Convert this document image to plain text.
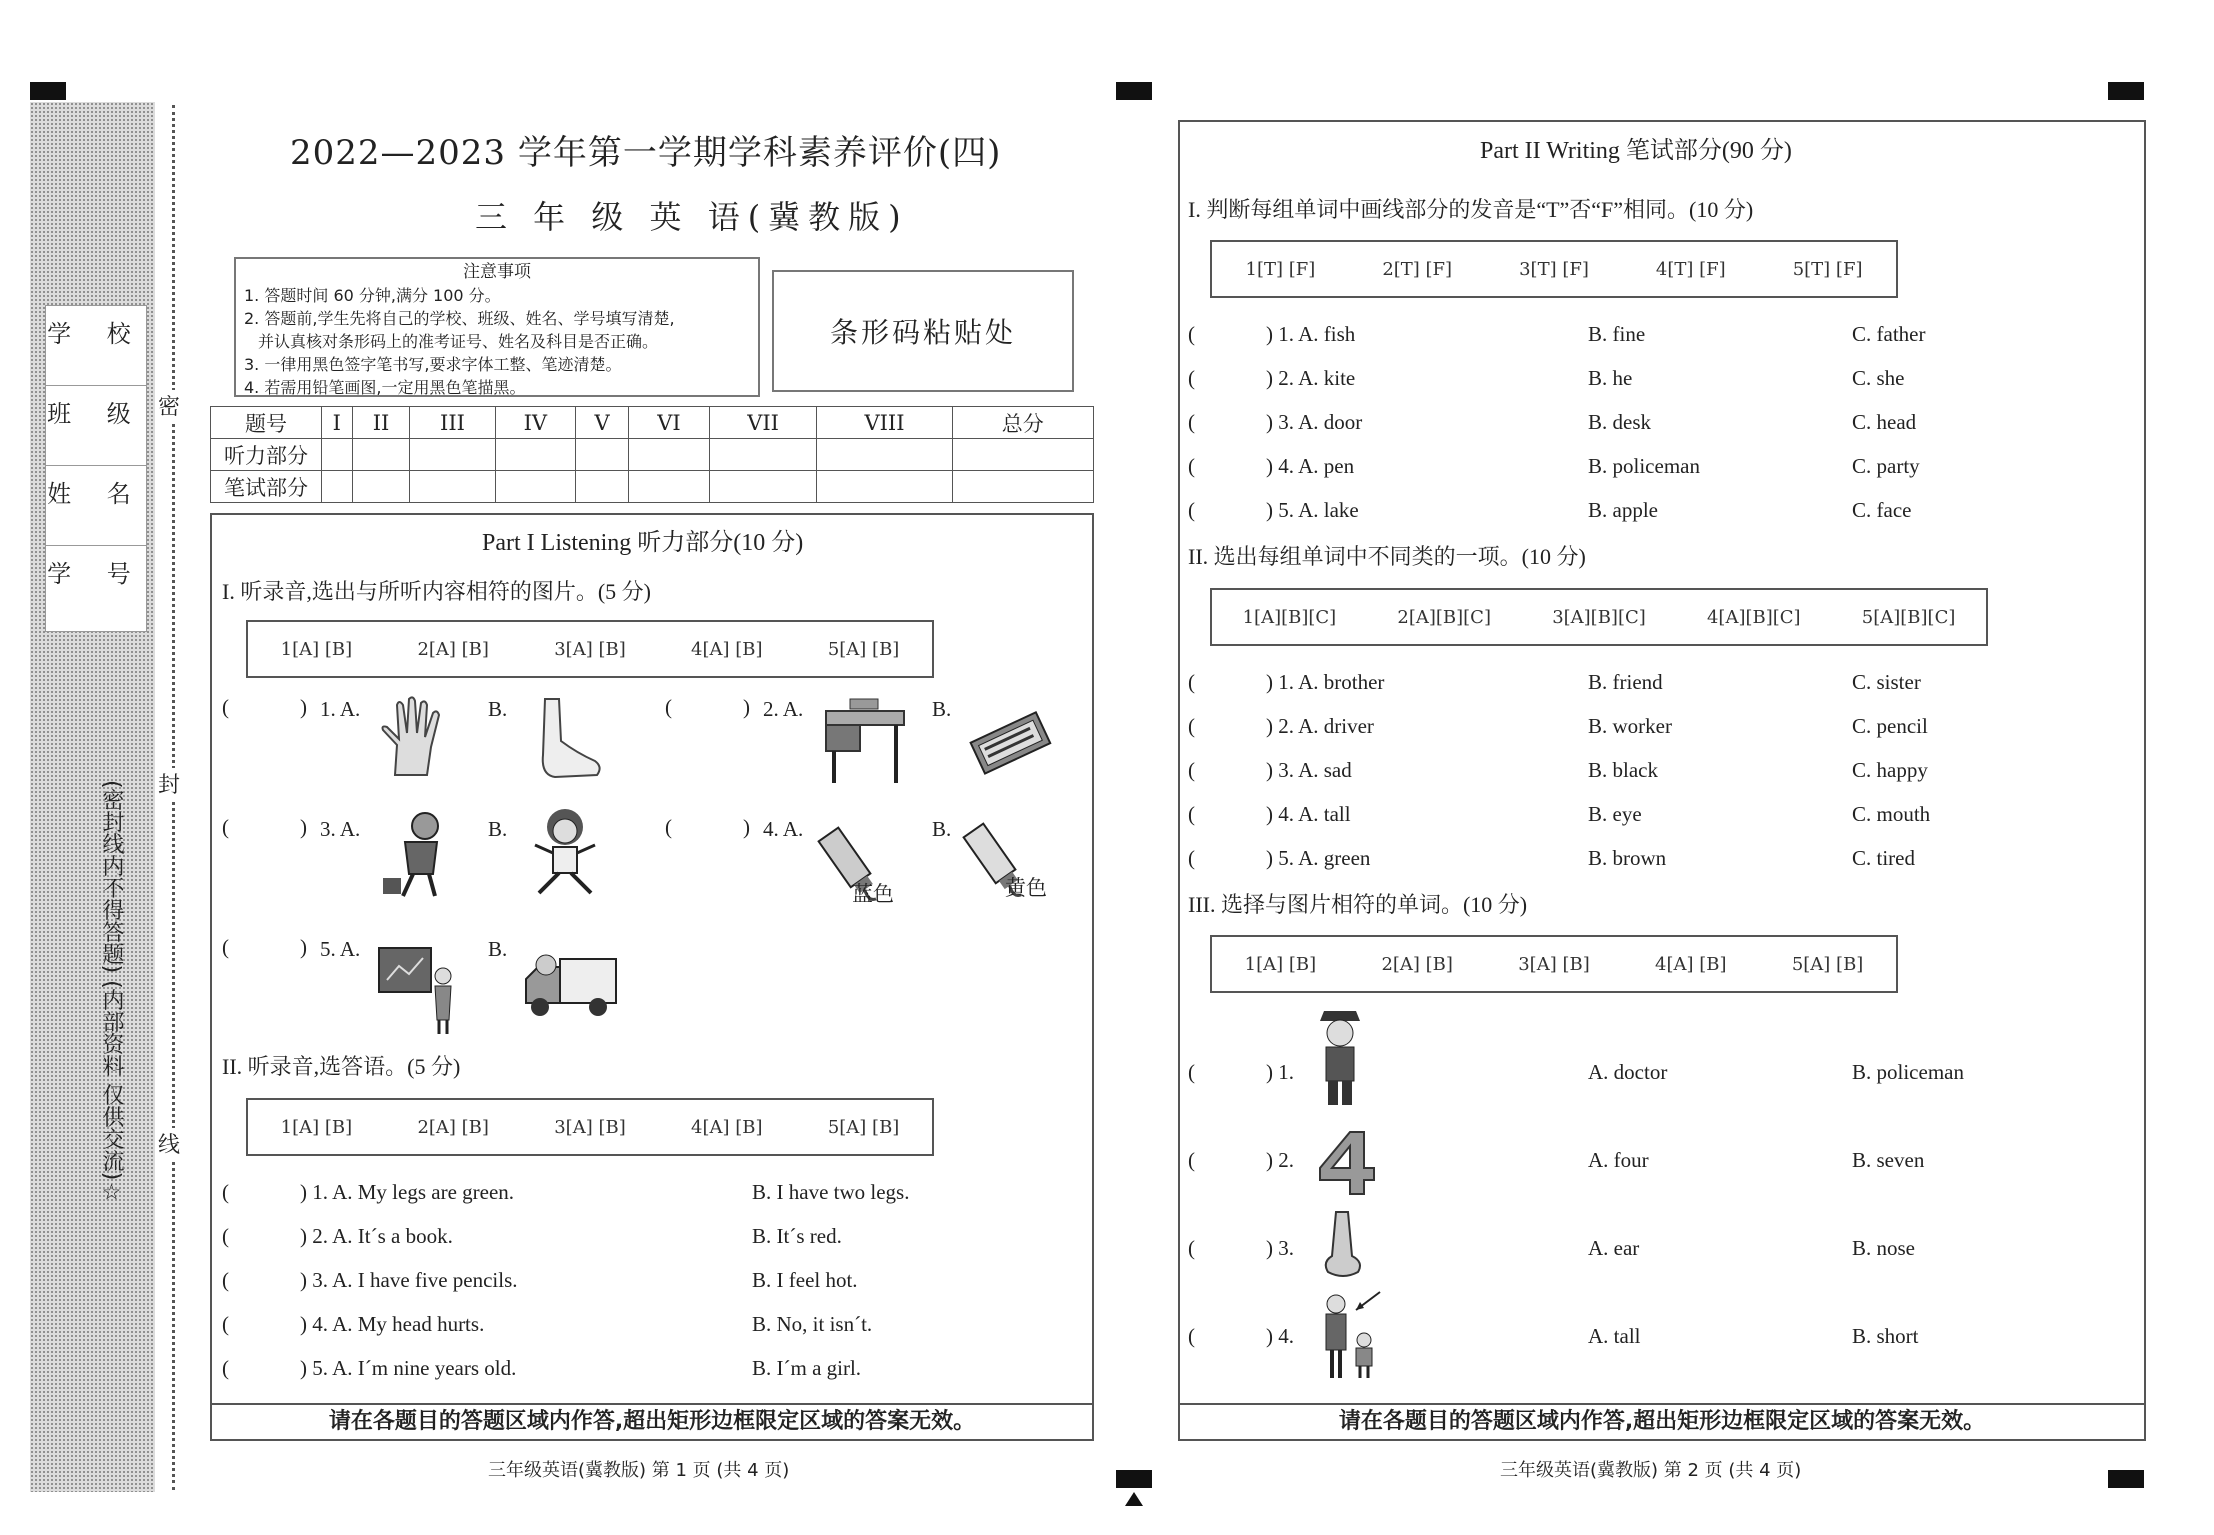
学 校
班 级
姓 名
学 号
(密封线内不得答题) (内部资料 仅供交流)☆
密
封
线
2022—2023 学年第一学期学科素养评价(四)
三 年 级 英 语(冀教版)
注意事项
1. 答题时间 60 分钟,满分 100 分。
2. 答题前,学生先将自己的学校、班级、姓名、学号填写清楚,
并认真核对条形码上的准考证号、姓名及科目是否正确。
3. 一律用黑色签字笔书写,要求字体工整、笔迹清楚。
4. 若需用铅笔画图,一定用黑色笔描黑。
条形码粘贴处
题号	I	II	III	IV	V	VI	VII	VIII	总分
听力部分									
笔试部分									
Part I Listening 听力部分(10 分)
I. 听录音,选出与所听内容相符的图片。(5 分)
1[A] [B]	2[A] [B]	3[A] [B]	4[A] [B]	5[A] [B]
(	) 1. A.	B.	(	) 2. A.	B.
(	) 3. A.	B.	(	) 4. A.
蓝色
B.
黄色
(	) 5. A.	B.
II. 听录音,选答语。(5 分)
1[A] [B]	2[A] [B]	3[A] [B]	4[A] [B]	5[A] [B]
(	) 1. A. My legs are green.	B. I have two legs.
(	) 2. A. It´s a book.	B. It´s red.
(	) 3. A. I have five pencils.	B. I feel hot.
(	) 4. A. My head hurts.	B. No, it isn´t.
(	) 5. A. I´m nine years old.	B. I´m a girl.
请在各题目的答题区域内作答,超出矩形边框限定区域的答案无效。
三年级英语(冀教版) 第 1 页 (共 4 页)
Part II Writing 笔试部分(90 分)
I. 判断每组单词中画线部分的发音是“T”否“F”相同。(10 分)
1[T] [F]	2[T] [F]	3[T] [F]	4[T] [F]	5[T] [F]
(	) 1. A. fish	B. fine	C. father
(	) 2. A. kite	B. he	C. she
(	) 3. A. door	B. desk	C. head
(	) 4. A. pen	B. policeman	C. party
(	) 5. A. lake	B. apple	C. face
II. 选出每组单词中不同类的一项。(10 分)
1[A][B][C]	2[A][B][C]	3[A][B][C]	4[A][B][C]	5[A][B][C]
(	) 1. A. brother	B. friend	C. sister
(	) 2. A. driver	B. worker	C. pencil
(	) 3. A. sad	B. black	C. happy
(	) 4. A. tall	B. eye	C. mouth
(	) 5. A. green	B. brown	C. tired
III. 选择与图片相符的单词。(10 分)
1[A] [B]	2[A] [B]	3[A] [B]	4[A] [B]	5[A] [B]
(	) 1.	A. doctor	B. policeman
(	) 2.	A. four	B. seven
(	) 3.	A. ear	B. nose
(	) 4.	A. tall	B. short
请在各题目的答题区域内作答,超出矩形边框限定区域的答案无效。
三年级英语(冀教版) 第 2 页 (共 4 页)
